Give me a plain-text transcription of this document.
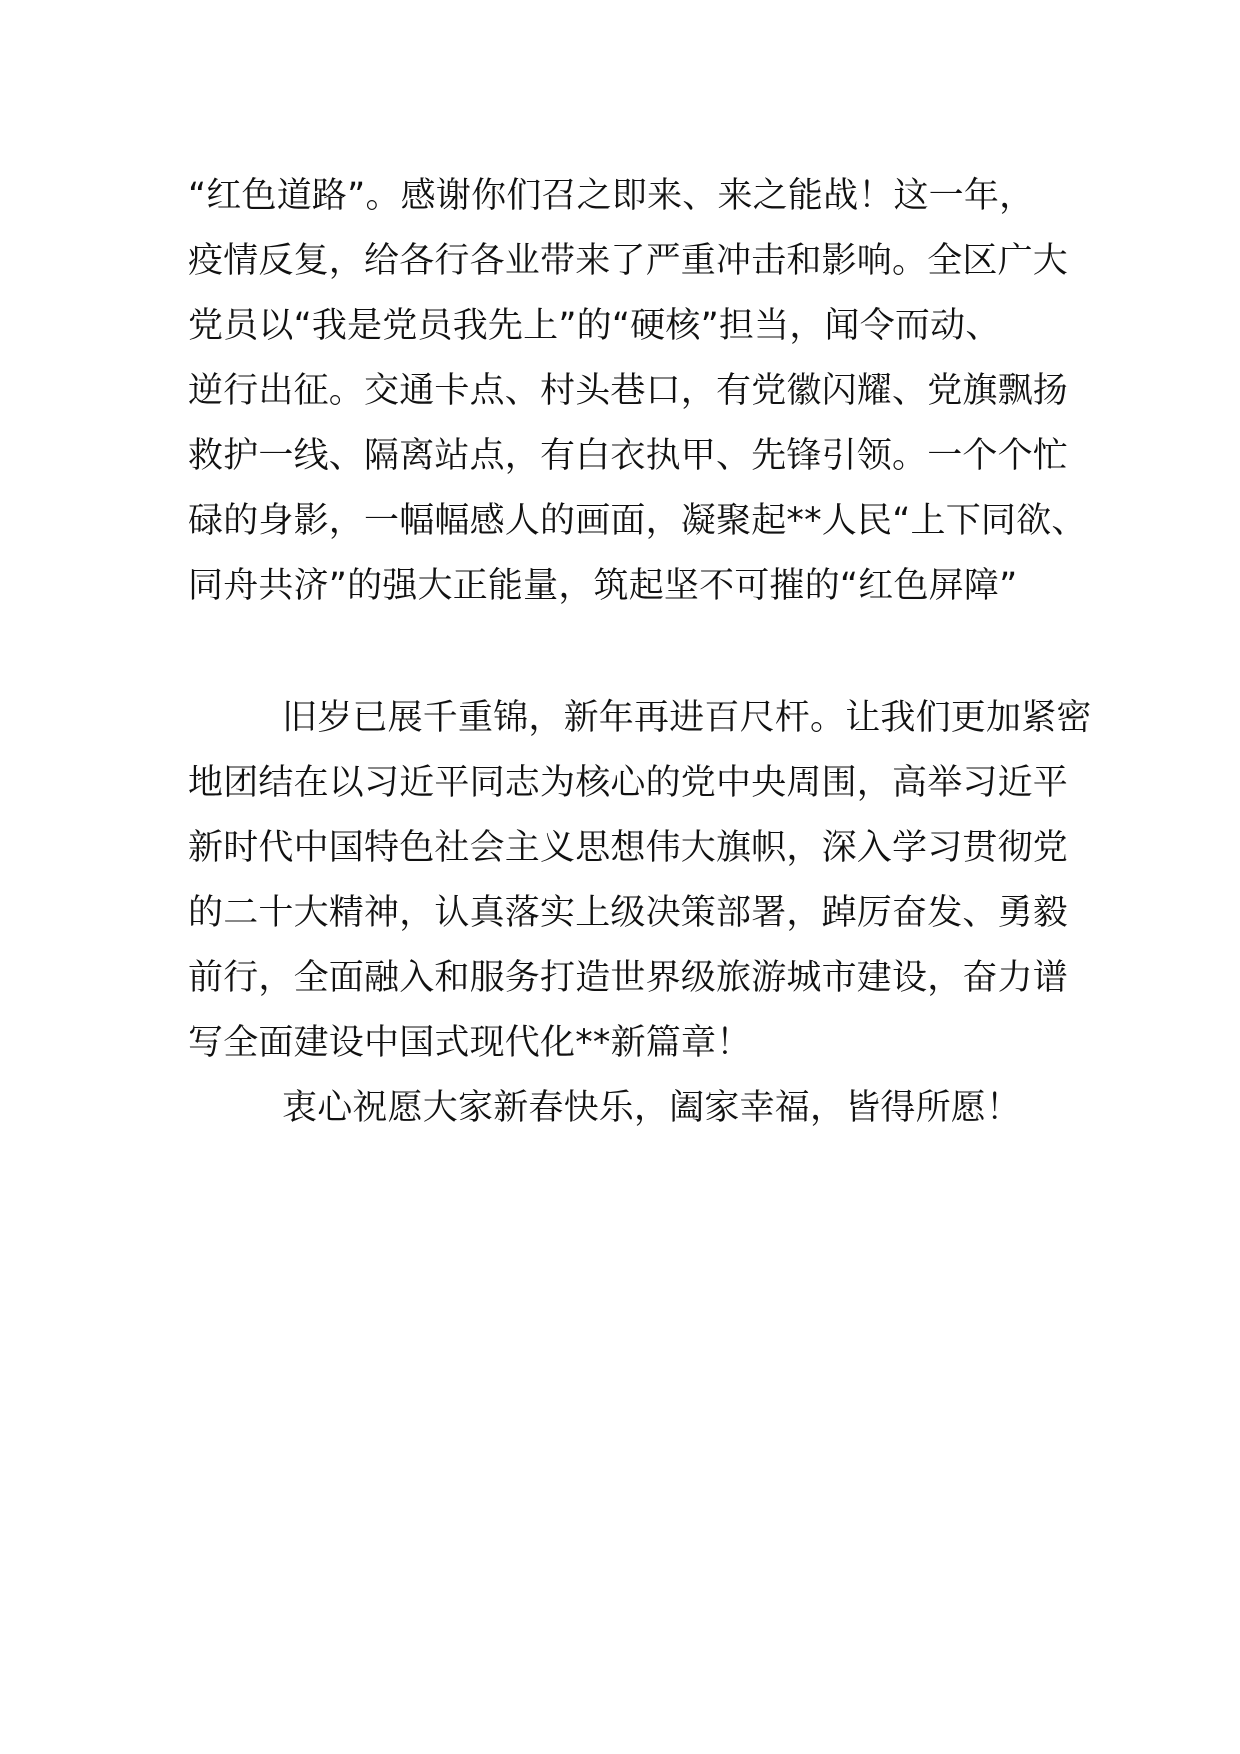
“红色道路”。感谢你们召之即来、来之能战！这一年，
疫情反复，给各行各业带来了严重冲击和影响。全区广大
党员以“我是党员我先上”的“硬核”担当，闻令而动、
逆行出征。交通卡点、村头巷口，有党徽闪耀、党旗飘扬
救护一线、隔离站点，有白衣执甲、先锋引领。一个个忙
碌的身影，一幅幅感人的画面，凝聚起**人民“上下同欲、
同舟共济”的强大正能量，筑起坚不可摧的“红色屏障”
旧岁已展千重锦，新年再进百尺杆。让我们更加紧密
地团结在以习近平同志为核心的党中央周围，高举习近平
新时代中国特色社会主义思想伟大旗帜，深入学习贯彻党
的二十大精神，认真落实上级决策部署，踔厉奋发、勇毅
前行，全面融入和服务打造世界级旅游城市建设，奋力谱
写全面建设中国式现代化**新篇章！
衷心祝愿大家新春快乐，阖家幸福，皆得所愿！
